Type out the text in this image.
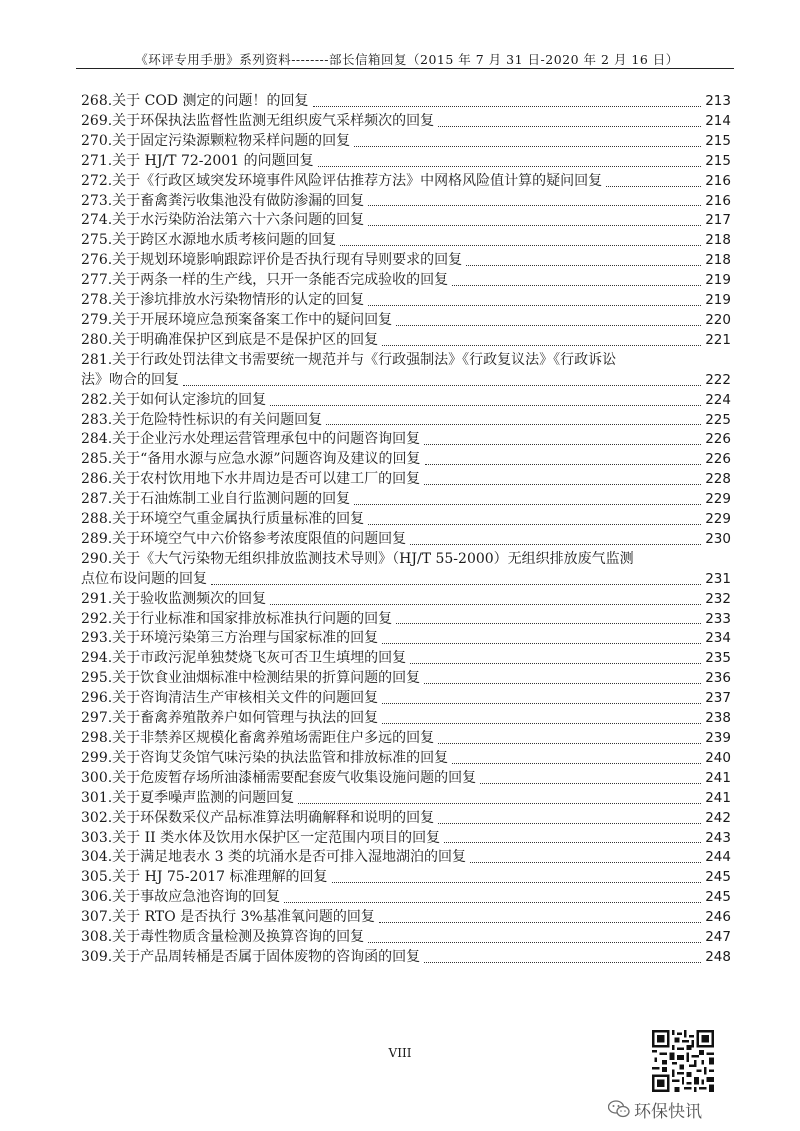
《环评专用手册》系列资料--------部长信箱回复（2015 年 7 月 31 日-2020 年 2 月 16 日）
268.关于 COD 测定的问题！的回复	213
269.关于环保执法监督性监测无组织废气采样频次的回复	214
270.关于固定污染源颗粒物采样问题的回复	215
271.关于 HJ/T 72-2001 的问题回复	215
272.关于《行政区域突发环境事件风险评估推荐方法》中网格风险值计算的疑问回复	216
273.关于畜禽粪污收集池没有做防渗漏的回复	216
274.关于水污染防治法第六十六条问题的回复	217
275.关于跨区水源地水质考核问题的回复	218
276.关于规划环境影响跟踪评价是否执行现有导则要求的回复	218
277.关于两条一样的生产线，只开一条能否完成验收的回复	219
278.关于渗坑排放水污染物情形的认定的回复	219
279.关于开展环境应急预案备案工作中的疑问回复	220
280.关于明确准保护区到底是不是保护区的回复	221
281.关于行政处罚法律文书需要统一规范并与《行政强制法》《行政复议法》《行政诉讼
法》吻合的回复	222
282.关于如何认定渗坑的回复	224
283.关于危险特性标识的有关问题回复	225
284.关于企业污水处理运营管理承包中的问题咨询回复	226
285.关于“备用水源与应急水源”问题咨询及建议的回复	226
286.关于农村饮用地下水井周边是否可以建工厂的回复	228
287.关于石油炼制工业自行监测问题的回复	229
288.关于环境空气重金属执行质量标准的回复	229
289.关于环境空气中六价铬参考浓度限值的问题回复	230
290.关于《大气污染物无组织排放监测技术导则》（HJ/T 55-2000）无组织排放废气监测
点位布设问题的回复	231
291.关于验收监测频次的回复	232
292.关于行业标准和国家排放标准执行问题的回复	233
293.关于环境污染第三方治理与国家标准的回复	234
294.关于市政污泥单独焚烧飞灰可否卫生填埋的回复	235
295.关于饮食业油烟标准中检测结果的折算问题的回复	236
296.关于咨询清洁生产审核相关文件的问题回复	237
297.关于畜禽养殖散养户如何管理与执法的回复	238
298.关于非禁养区规模化畜禽养殖场需距住户多远的回复	239
299.关于咨询艾灸馆气味污染的执法监管和排放标准的回复	240
300.关于危废暂存场所油漆桶需要配套废气收集设施问题的回复	241
301.关于夏季噪声监测的问题回复	241
302.关于环保数采仪产品标准算法明确解释和说明的回复	242
303.关于 II 类水体及饮用水保护区一定范围内项目的回复	243
304.关于满足地表水 3 类的坑涌水是否可排入湿地湖泊的回复	244
305.关于 HJ 75-2017 标准理解的回复	245
306.关于事故应急池咨询的回复	245
307.关于 RTO 是否执行 3%基准氧问题的回复	246
308.关于毒性物质含量检测及换算咨询的回复	247
309.关于产品周转桶是否属于固体废物的咨询函的回复	248
VIII
环保快讯
